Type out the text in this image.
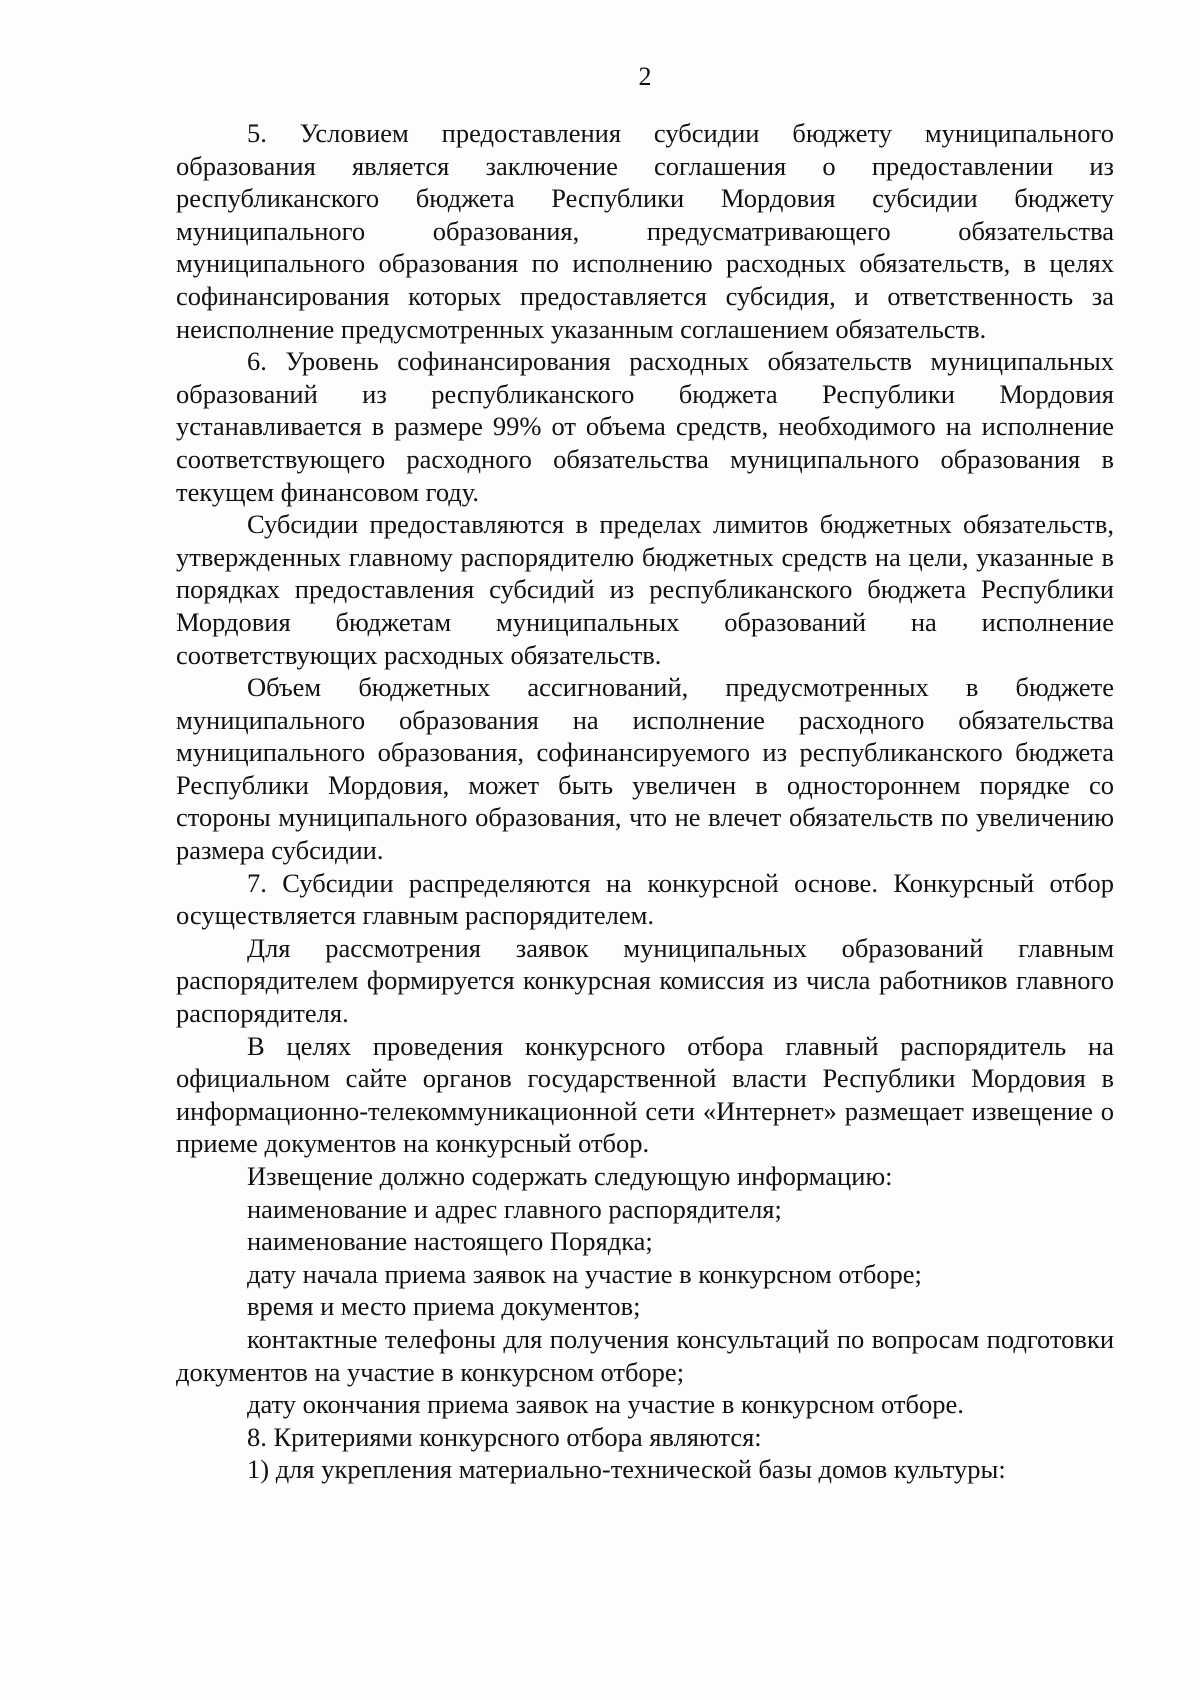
2

5. Условием предоставления субсидии бюджету муниципального образования является заключение соглашения о предоставлении из республиканского бюджета Республики Мордовия субсидии бюджету муниципального образования, предусматривающего обязательства муниципального образования по исполнению расходных обязательств, в целях софинансирования которых предоставляется субсидия, и ответственность за неисполнение предусмотренных указанным соглашением обязательств.

6. Уровень софинансирования расходных обязательств муниципальных образований из республиканского бюджета Республики Мордовия устанавливается в размере 99% от объема средств, необходимого на исполнение соответствующего расходного обязательства муниципального образования в текущем финансовом году.

Субсидии предоставляются в пределах лимитов бюджетных обязательств, утвержденных главному распорядителю бюджетных средств на цели, указанные в порядках предоставления субсидий из республиканского бюджета Республики Мордовия бюджетам муниципальных образований на исполнение соответствующих расходных обязательств.

Объем бюджетных ассигнований, предусмотренных в бюджете муниципального образования на исполнение расходного обязательства муниципального образования, софинансируемого из республиканского бюджета Республики Мордовия, может быть увеличен в одностороннем порядке со стороны муниципального образования, что не влечет обязательств по увеличению размера субсидии.

7. Субсидии распределяются на конкурсной основе. Конкурсный отбор осуществляется главным распорядителем.

Для рассмотрения заявок муниципальных образований главным распорядителем формируется конкурсная комиссия из числа работников главного распорядителя.

В целях проведения конкурсного отбора главный распорядитель на официальном сайте органов государственной власти Республики Мордовия в информационно-телекоммуникационной сети «Интернет» размещает извещение о приеме документов на конкурсный отбор.

Извещение должно содержать следующую информацию:

наименование и адрес главного распорядителя;

наименование настоящего Порядка;

дату начала приема заявок на участие в конкурсном отборе;

время и место приема документов;

контактные телефоны для получения консультаций по вопросам подготовки документов на участие в конкурсном отборе;

дату окончания приема заявок на участие в конкурсном отборе.

8. Критериями конкурсного отбора являются:

1) для укрепления материально-технической базы домов культуры:
